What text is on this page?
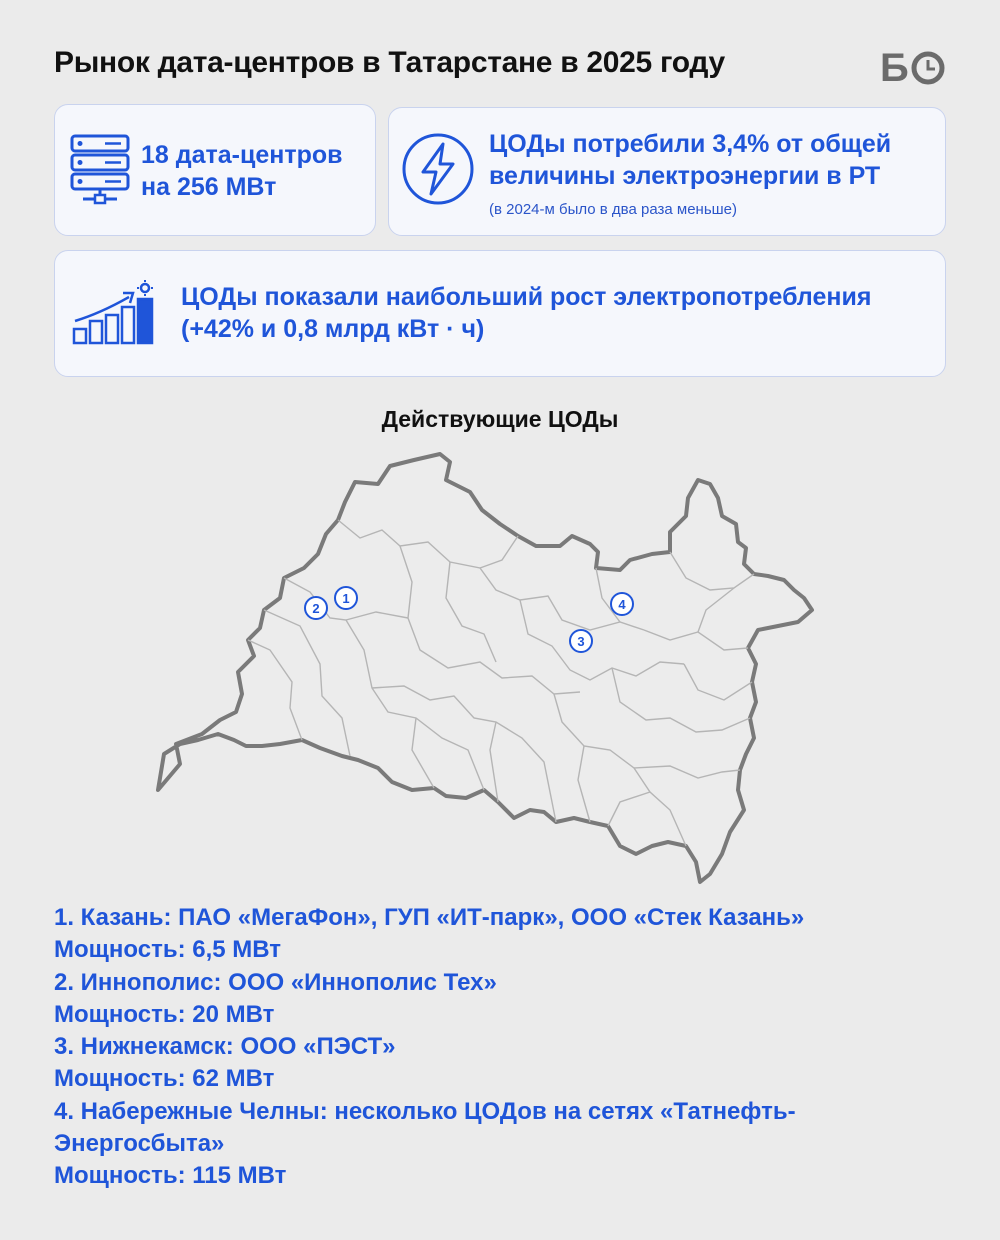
Рынок дата-центров в Татарстане в 2025 году	Б
18 дата-центров
на 256 МВт
ЦОДы потребили 3,4% от общей
величины электроэнергии в РТ
(в 2024-м было в два раза меньше)
ЦОДы показали наибольший рост электропотребления
(+42% и 0,8 млрд кВт · ч)
Действующие ЦОДы
1
2
3
4
1. Казань: ПАО «МегаФон», ГУП «ИТ-парк», ООО «Стек Казань»
Мощность: 6,5 МВт
2. Иннополис: ООО «Иннополис Тех»
Мощность: 20 МВт
3. Нижнекамск: ООО «ПЭСТ»
Мощность: 62 МВт
4. Набережные Челны: несколько ЦОДов на сетях «Татнефть-
Энергосбыта»
Мощность: 115 МВт
